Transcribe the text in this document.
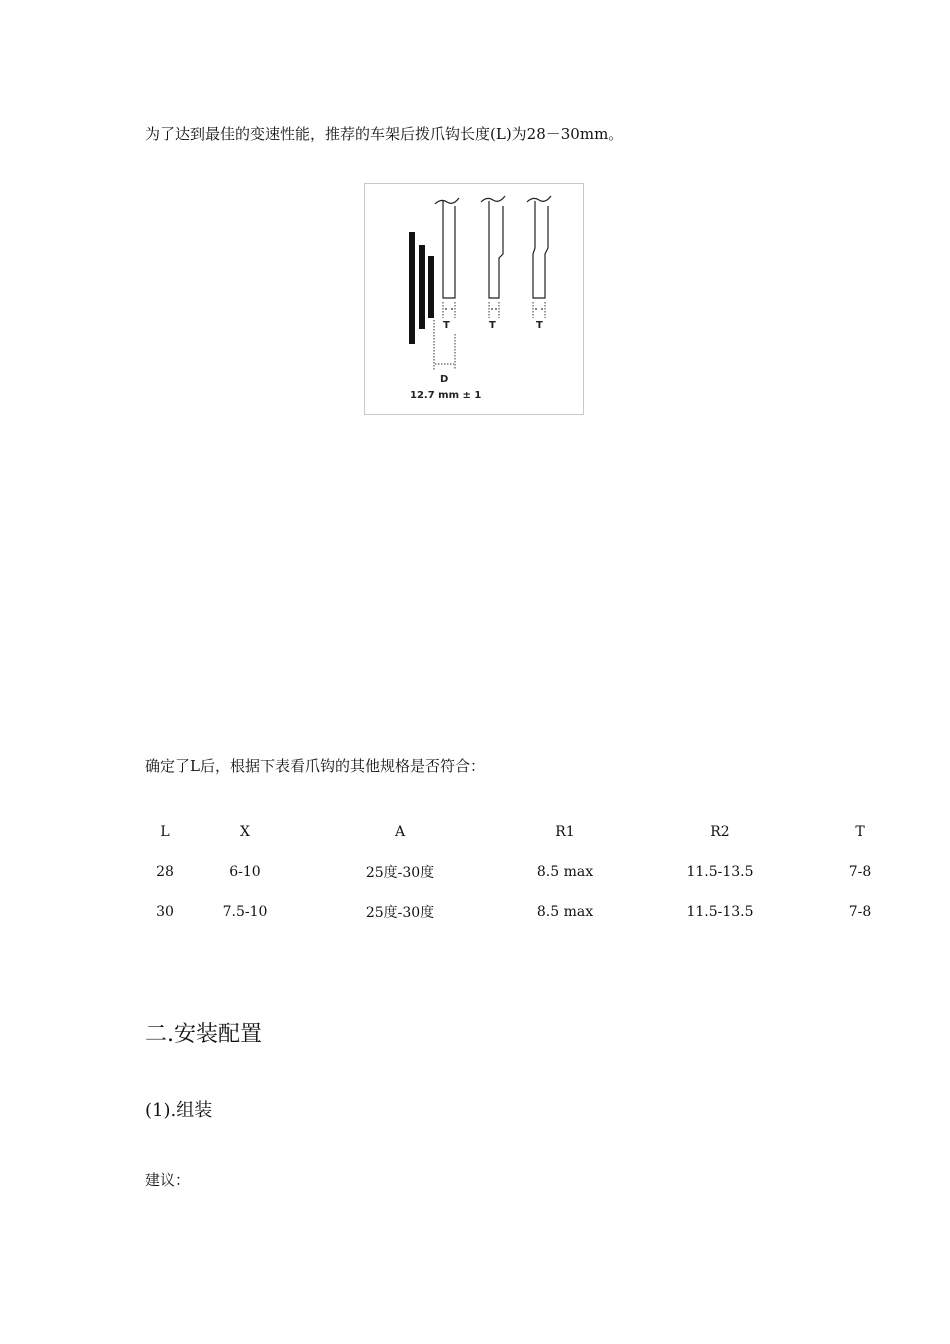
为了达到最佳的变速性能，推荐的车架后拨爪钩长度(L)为28－30mm。
T	T	T
D
12.7 mm ± 1
确定了L后，根据下表看爪钩的其他规格是否符合：
L	X	A	R1	R2	T
28	6-10	25度-30度	8.5 max	11.5-13.5	7-8
30	7.5-10	25度-30度	8.5 max	11.5-13.5	7-8
二.安装配置
(1).组装
建议：
